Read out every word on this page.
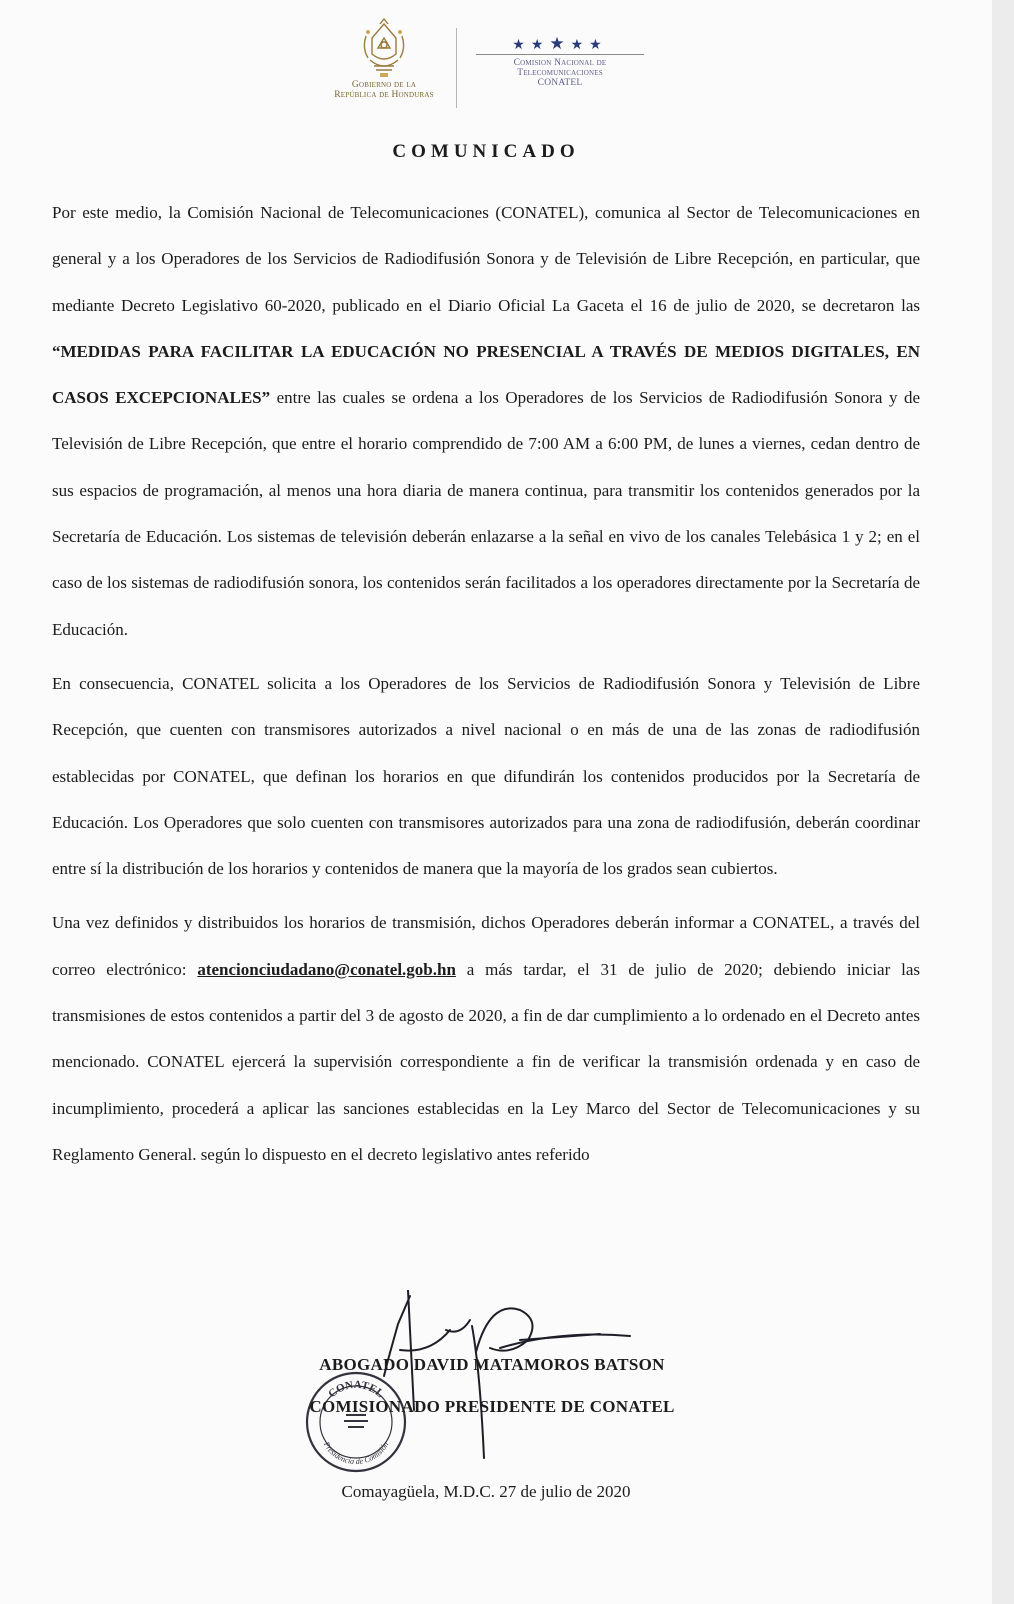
Gobierno de la
República de Honduras
★★★★★
Comision Nacional de
Telecomunicaciones
CONATEL
COMUNICADO

Por este medio, la Comisión Nacional de Telecomunicaciones (CONATEL), comunica al Sector de Telecomunicaciones en general y a los Operadores de los Servicios de Radiodifusión Sonora y de Televisión de Libre Recepción, en particular, que mediante Decreto Legislativo 60-2020, publicado en el Diario Oficial La Gaceta el 16 de julio de 2020, se decretaron las “MEDIDAS PARA FACILITAR LA EDUCACIÓN NO PRESENCIAL A TRAVÉS DE MEDIOS DIGITALES, EN CASOS EXCEPCIONALES” entre las cuales se ordena a los Operadores de los Servicios de Radiodifusión Sonora y de Televisión de Libre Recepción, que entre el horario comprendido de 7:00 AM a 6:00 PM, de lunes a viernes, cedan dentro de sus espacios de programación, al menos una hora diaria de manera continua, para transmitir los contenidos generados por la Secretaría de Educación. Los sistemas de televisión deberán enlazarse a la señal en vivo de los canales Telebásica 1 y 2; en el caso de los sistemas de radiodifusión sonora, los contenidos serán facilitados a los operadores directamente por la Secretaría de Educación.

En consecuencia, CONATEL solicita a los Operadores de los Servicios de Radiodifusión Sonora y Televisión de Libre Recepción, que cuenten con transmisores autorizados a nivel nacional o en más de una de las zonas de radiodifusión establecidas por CONATEL, que definan los horarios en que difundirán los contenidos producidos por la Secretaría de Educación. Los Operadores que solo cuenten con transmisores autorizados para una zona de radiodifusión, deberán coordinar entre sí la distribución de los horarios y contenidos de manera que la mayoría de los grados sean cubiertos.

Una vez definidos y distribuidos los horarios de transmisión, dichos Operadores deberán informar a CONATEL, a través del correo electrónico: atencionciudadano@conatel.gob.hn a más tardar, el 31 de julio de 2020; debiendo iniciar las transmisiones de estos contenidos a partir del 3 de agosto de 2020, a fin de dar cumplimiento a lo ordenado en el Decreto antes mencionado. CONATEL ejercerá la supervisión correspondiente a fin de verificar la transmisión ordenada y en caso de incumplimiento, procederá a aplicar las sanciones establecidas en la Ley Marco del Sector de Telecomunicaciones y su Reglamento General. según lo dispuesto en el decreto legislativo antes referido

CONATEL
Presidencia de Comisión
ABOGADO DAVID MATAMOROS BATSON
COMISIONADO PRESIDENTE DE CONATEL
Comayagüela, M.D.C. 27 de julio de 2020
